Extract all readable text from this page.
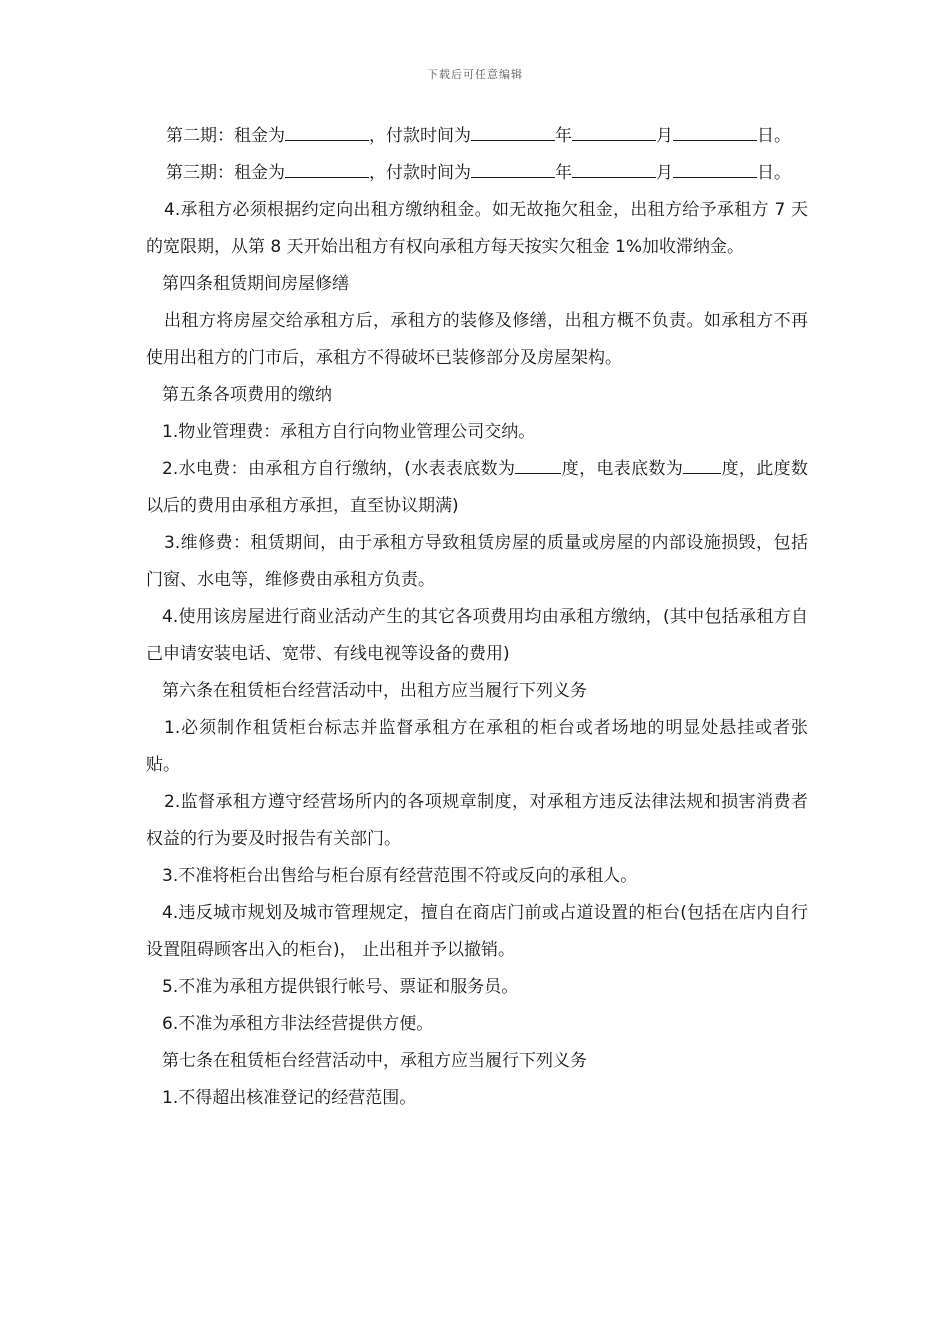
下载后可任意编辑

第二期：租金为	，付款时间为	年	月	日。

第三期：租金为	，付款时间为	年	月	日。

4.承租方必须根据约定向出租方缴纳租金。如无故拖欠租金，出租方给予承租方 7 天的宽限期，从第 8 天开始出租方有权向承租方每天按实欠租金 1%加收滞纳金。

第四条租赁期间房屋修缮

出租方将房屋交给承租方后，承租方的装修及修缮，出租方概不负责。如承租方不再使用出租方的门市后，承租方不得破坏已装修部分及房屋架构。

第五条各项费用的缴纳

1.物业管理费：承租方自行向物业管理公司交纳。

2.水电费：由承租方自行缴纳，(水表表底数为	度，电表底数为 度，此度数以后的费用由承租方承担，直至协议期满)

3.维修费：租赁期间，由于承租方导致租赁房屋的质量或房屋的内部设施损毁，包括门窗、水电等，维修费由承租方负责。

4.使用该房屋进行商业活动产生的其它各项费用均由承租方缴纳，(其中包括承租方自己申请安装电话、宽带、有线电视等设备的费用)

第六条在租赁柜台经营活动中，出租方应当履行下列义务

1.必须制作租赁柜台标志并监督承租方在承租的柜台或者场地的明显处悬挂或者张贴。

2.监督承租方遵守经营场所内的各项规章制度，对承租方违反法律法规和损害消费者权益的行为要及时报告有关部门。

3.不准将柜台出售给与柜台原有经营范围不符或反向的承租人。

4.违反城市规划及城市管理规定，擅自在商店门前或占道设置的柜台(包括在店内自行设置阻碍顾客出入的柜台)， 止出租并予以撤销。

5.不准为承租方提供银行帐号、票证和服务员。

6.不准为承租方非法经营提供方便。

第七条在租赁柜台经营活动中，承租方应当履行下列义务

1.不得超出核准登记的经营范围。
